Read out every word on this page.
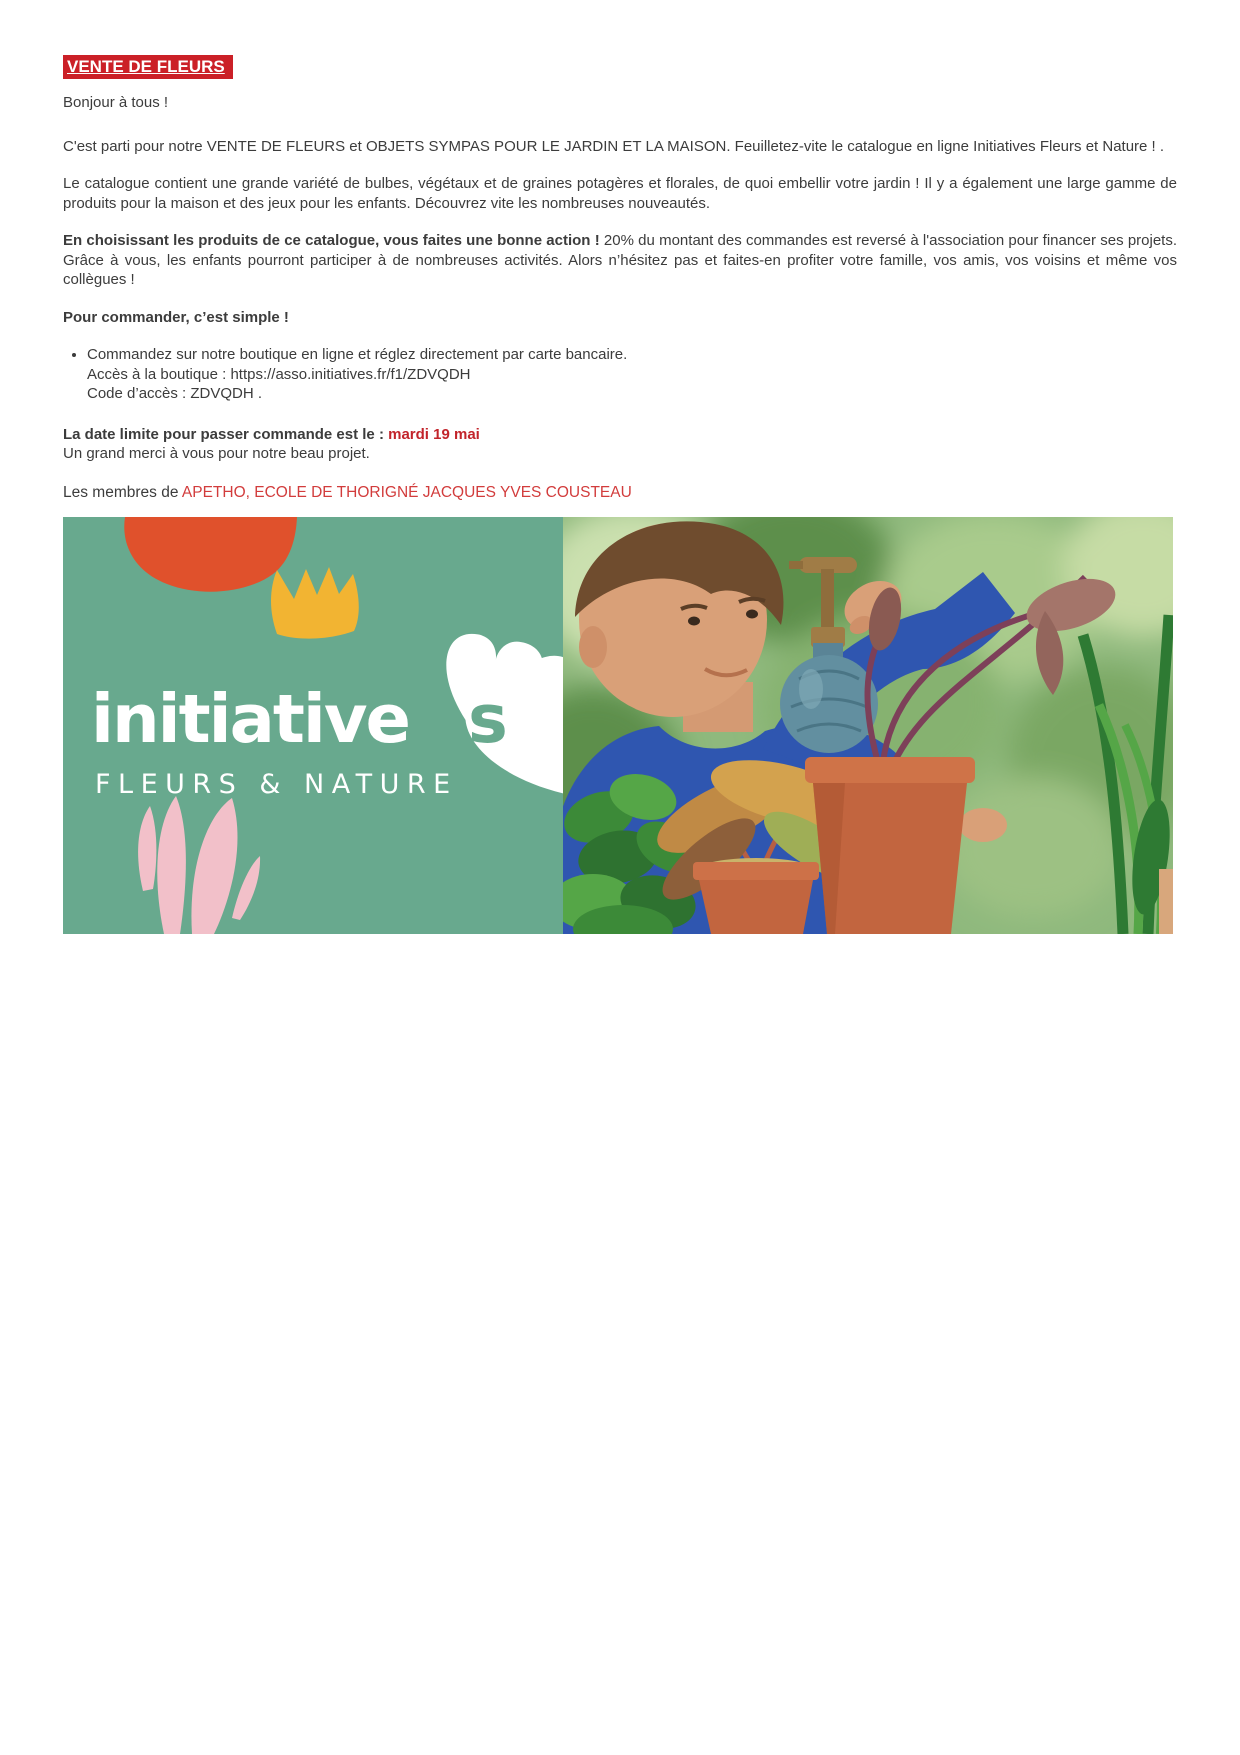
VENTE DE FLEURS

Bonjour à tous !

C'est parti pour notre VENTE DE FLEURS et OBJETS SYMPAS POUR LE JARDIN ET LA MAISON. Feuilletez-vite le catalogue en ligne Initiatives Fleurs et Nature ! .

Le catalogue contient une grande variété de bulbes, végétaux et de graines potagères et florales, de quoi embellir votre jardin ! Il y a également une large gamme de produits pour la maison et des jeux pour les enfants. Découvrez vite les nombreuses nouveautés.

En choisissant les produits de ce catalogue, vous faites une bonne action ! 20% du montant des commandes est reversé à l'association pour financer ses projets. Grâce à vous, les enfants pourront participer à de nombreuses activités. Alors n’hésitez pas et faites-en profiter votre famille, vos amis, vos voisins et même vos collègues !

Pour commander, c’est simple !

• Commandez sur notre boutique en ligne et réglez directement par carte bancaire.
Accès à la boutique : https://asso.initiatives.fr/f1/ZDVQDH
Code d’accès : ZDVQDH .

La date limite pour passer commande est le : mardi 19 mai

Un grand merci à vous pour notre beau projet.

Les membres de APETHO, ECOLE DE THORIGNÉ JACQUES YVES COUSTEAU

initiative s
FLEURS & NATURE
